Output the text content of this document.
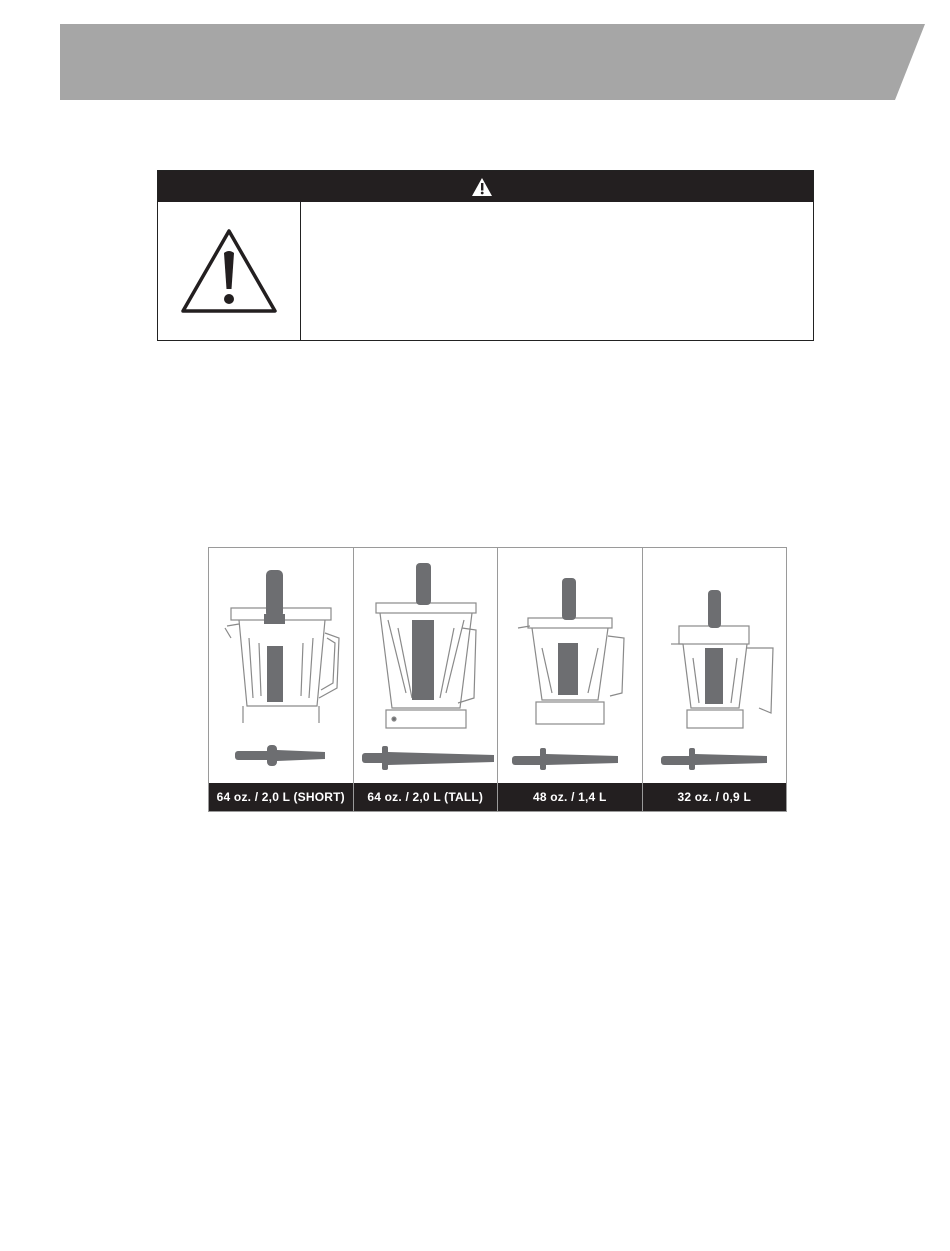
64 oz. / 2,0 L (SHORT)	64 oz. / 2,0 L (TALL)	48 oz. / 1,4 L	32 oz. / 0,9 L
